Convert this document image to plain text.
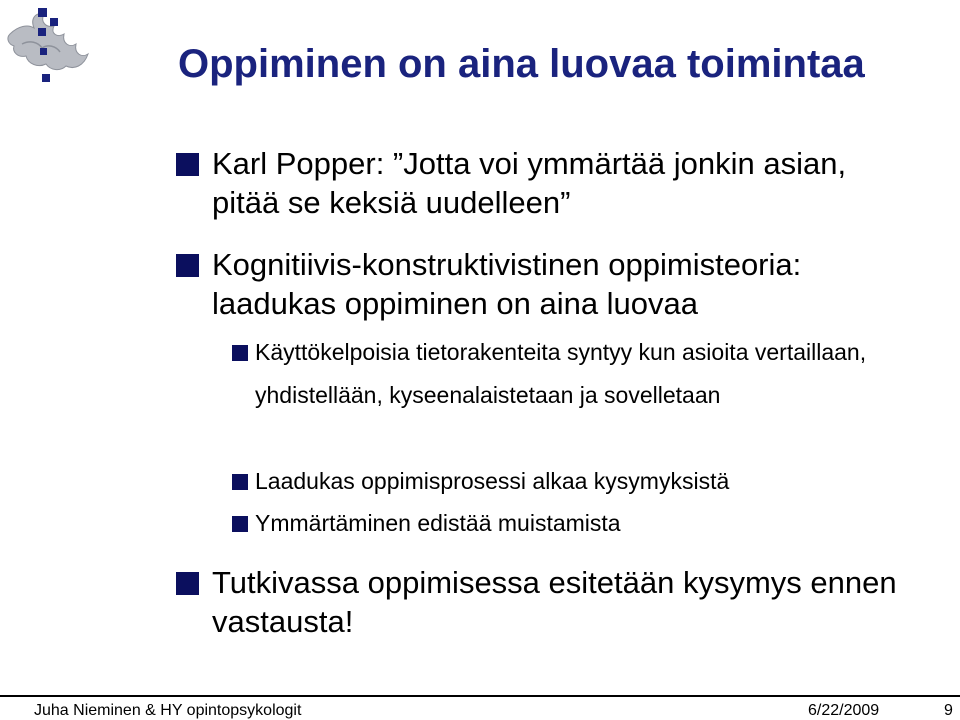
Oppiminen on aina luovaa toimintaa
Karl Popper: ”Jotta voi ymmärtää jonkin asian, pitää se keksiä uudelleen”
Kognitiivis-konstruktivistinen oppimisteoria: laadukas oppiminen on aina luovaa
Käyttökelpoisia tietorakenteita syntyy kun asioita vertaillaan, yhdistellään, kyseenalaistetaan ja sovelletaan
Laadukas oppimisprosessi alkaa kysymyksistä
Ymmärtäminen edistää muistamista
Tutkivassa oppimisessa esitetään kysymys ennen vastausta!
Juha Nieminen & HY opintopsykologit	6/22/2009	9
